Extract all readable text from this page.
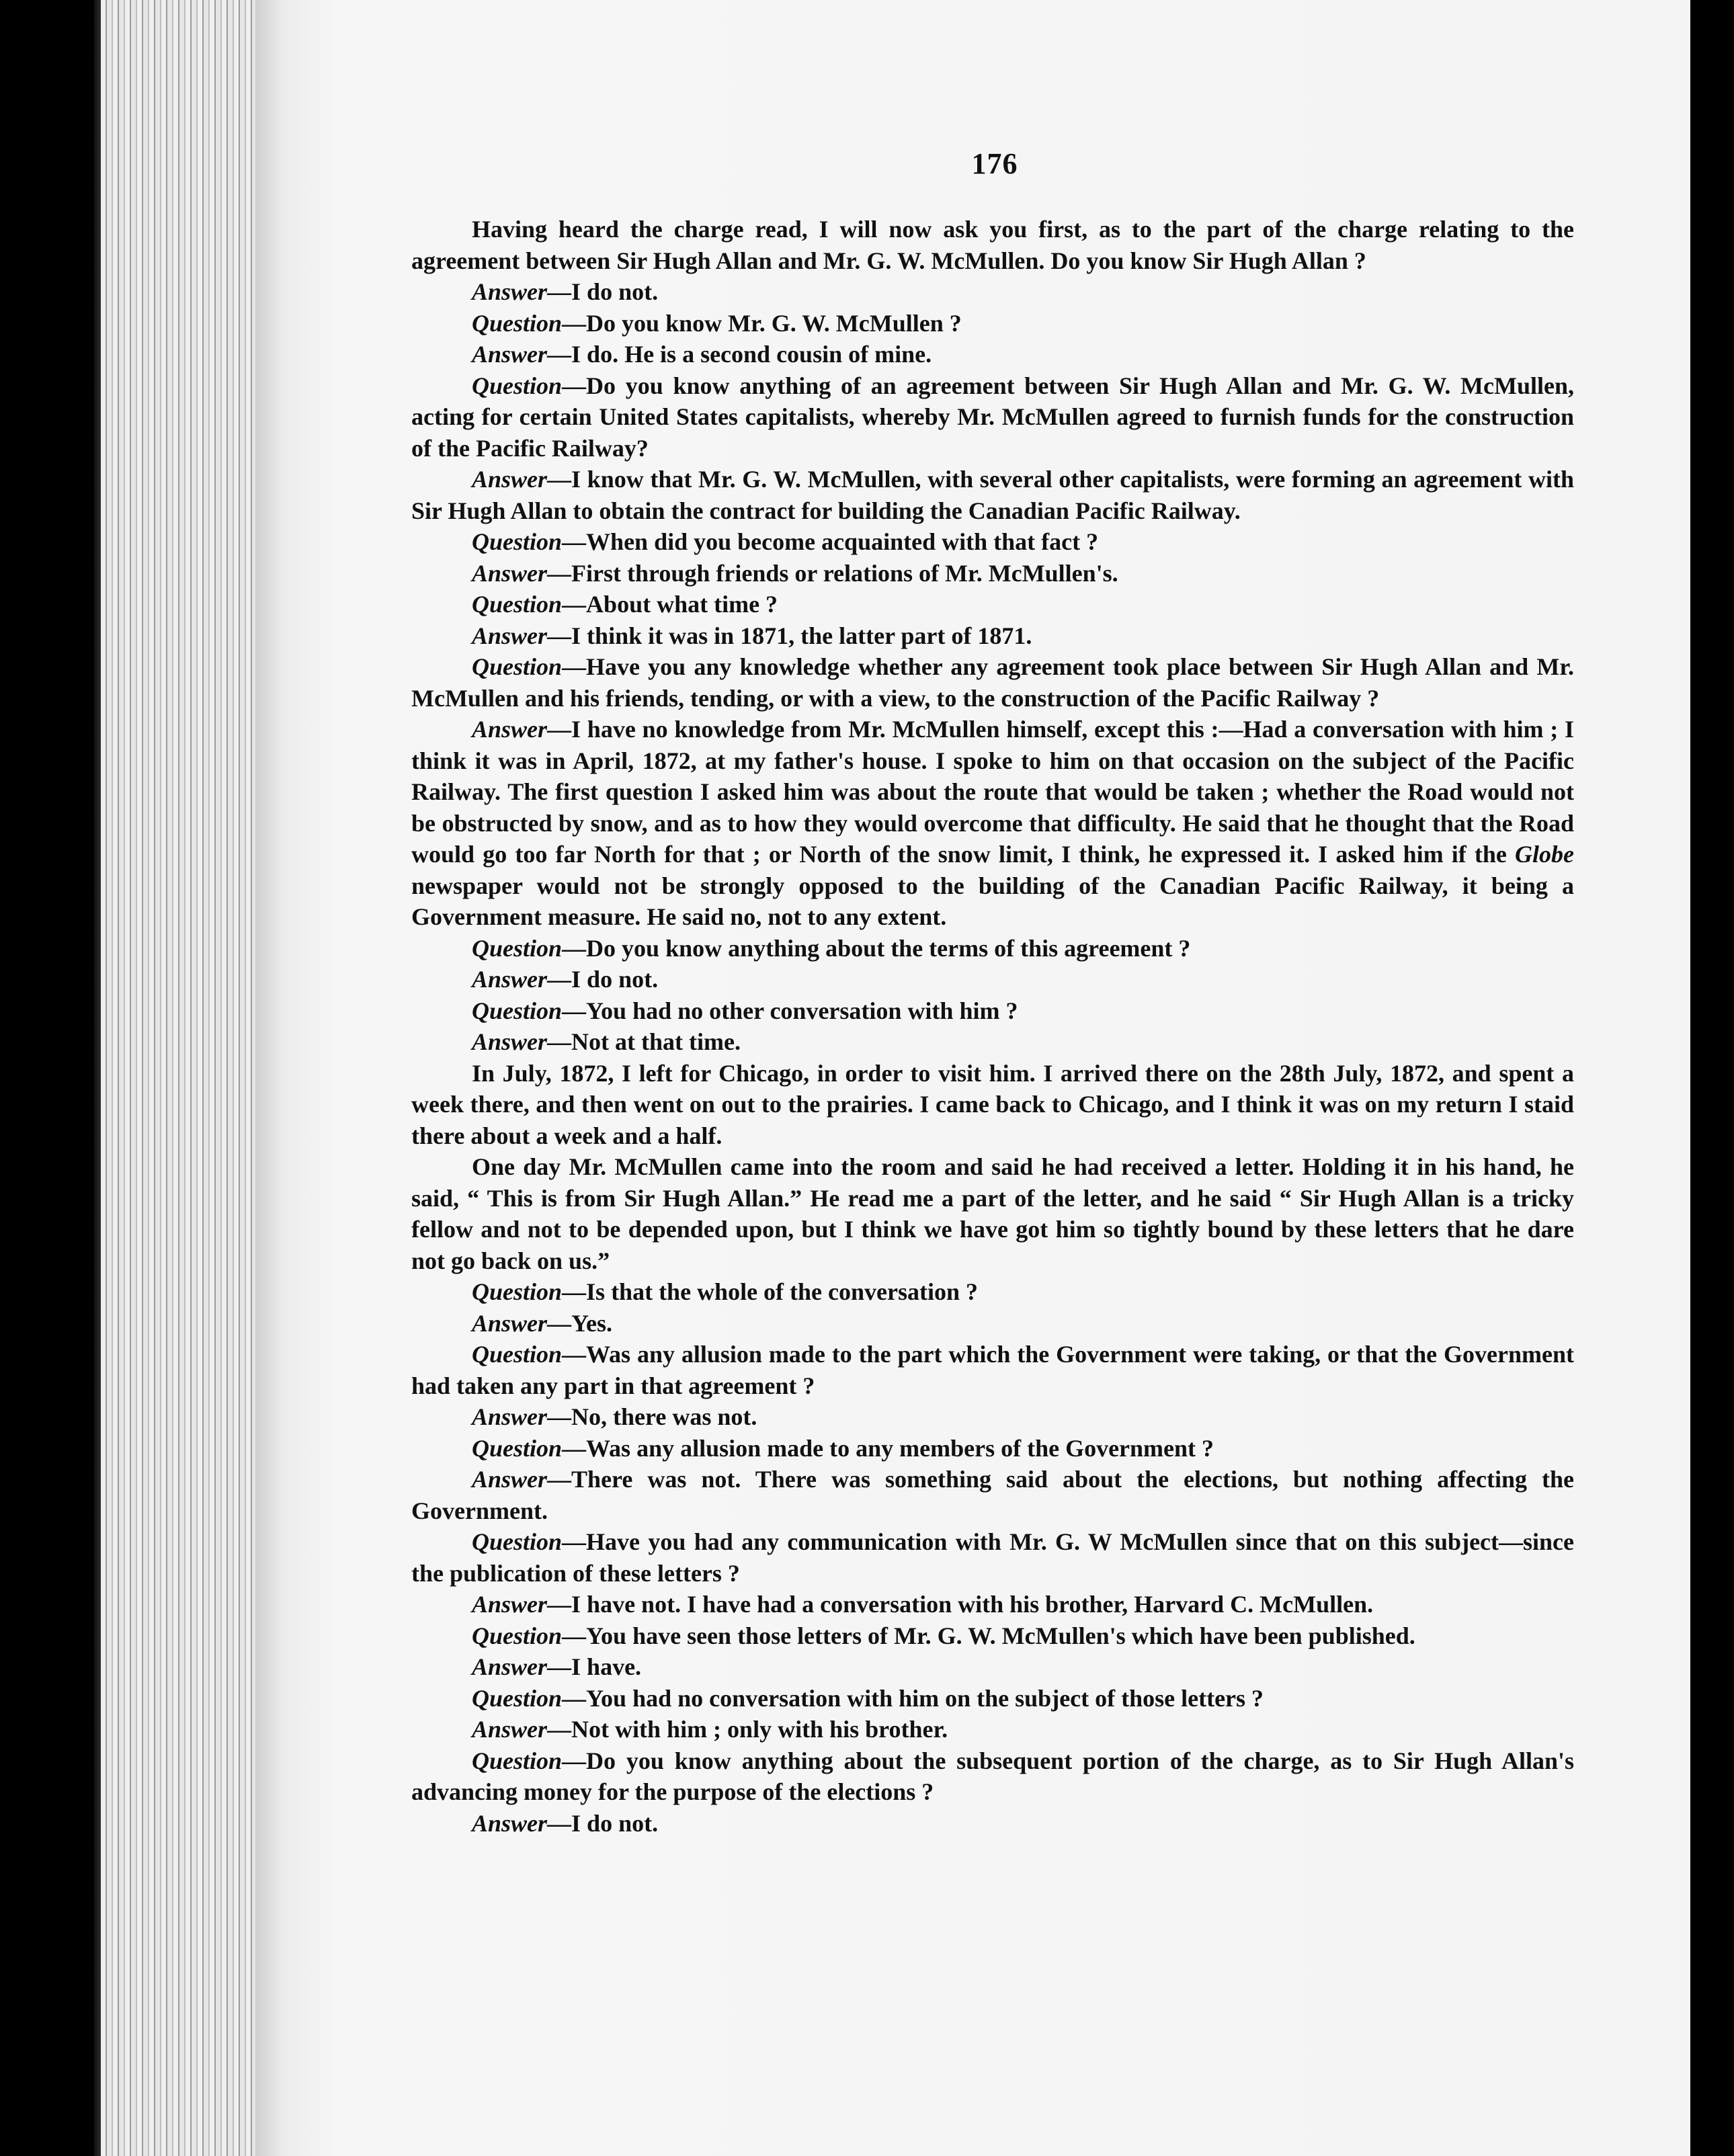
176

Having heard the charge read, I will now ask you first, as to the part of the charge relating to the agreement between Sir Hugh Allan and Mr. G. W. McMullen. Do you know Sir Hugh Allan ?

Answer—I do not.

Question—Do you know Mr. G. W. McMullen ?

Answer—I do. He is a second cousin of mine.

Question—Do you know anything of an agreement between Sir Hugh Allan and Mr. G. W. McMullen, acting for certain United States capitalists, whereby Mr. McMullen agreed to furnish funds for the construction of the Pacific Railway?

Answer—I know that Mr. G. W. McMullen, with several other capitalists, were forming an agreement with Sir Hugh Allan to obtain the contract for building the Canadian Pacific Railway.

Question—When did you become acquainted with that fact ?

Answer—First through friends or relations of Mr. McMullen's.

Question—About what time ?

Answer—I think it was in 1871, the latter part of 1871.

Question—Have you any knowledge whether any agreement took place between Sir Hugh Allan and Mr. McMullen and his friends, tending, or with a view, to the construction of the Pacific Railway ?

Answer—I have no knowledge from Mr. McMullen himself, except this :—Had a conversation with him ; I think it was in April, 1872, at my father's house. I spoke to him on that occasion on the subject of the Pacific Railway. The first question I asked him was about the route that would be taken ; whether the Road would not be obstructed by snow, and as to how they would overcome that difficulty. He said that he thought that the Road would go too far North for that ; or North of the snow limit, I think, he expressed it. I asked him if the Globe newspaper would not be strongly opposed to the building of the Canadian Pacific Railway, it being a Government measure. He said no, not to any extent.

Question—Do you know anything about the terms of this agreement ?

Answer—I do not.

Question—You had no other conversation with him ?

Answer—Not at that time.

In July, 1872, I left for Chicago, in order to visit him. I arrived there on the 28th July, 1872, and spent a week there, and then went on out to the prairies. I came back to Chicago, and I think it was on my return I staid there about a week and a half.

One day Mr. McMullen came into the room and said he had received a letter. Holding it in his hand, he said, “ This is from Sir Hugh Allan.” He read me a part of the letter, and he said “ Sir Hugh Allan is a tricky fellow and not to be depended upon, but I think we have got him so tightly bound by these letters that he dare not go back on us.”

Question—Is that the whole of the conversation ?

Answer—Yes.

Question—Was any allusion made to the part which the Government were taking, or that the Government had taken any part in that agreement ?

Answer—No, there was not.

Question—Was any allusion made to any members of the Government ?

Answer—There was not. There was something said about the elections, but nothing affecting the Government.

Question—Have you had any communication with Mr. G. W McMullen since that on this subject—since the publication of these letters ?

Answer—I have not. I have had a conversation with his brother, Harvard C. McMullen.

Question—You have seen those letters of Mr. G. W. McMullen's which have been published.

Answer—I have.

Question—You had no conversation with him on the subject of those letters ?

Answer—Not with him ; only with his brother.

Question—Do you know anything about the subsequent portion of the charge, as to Sir Hugh Allan's advancing money for the purpose of the elections ?

Answer—I do not.
